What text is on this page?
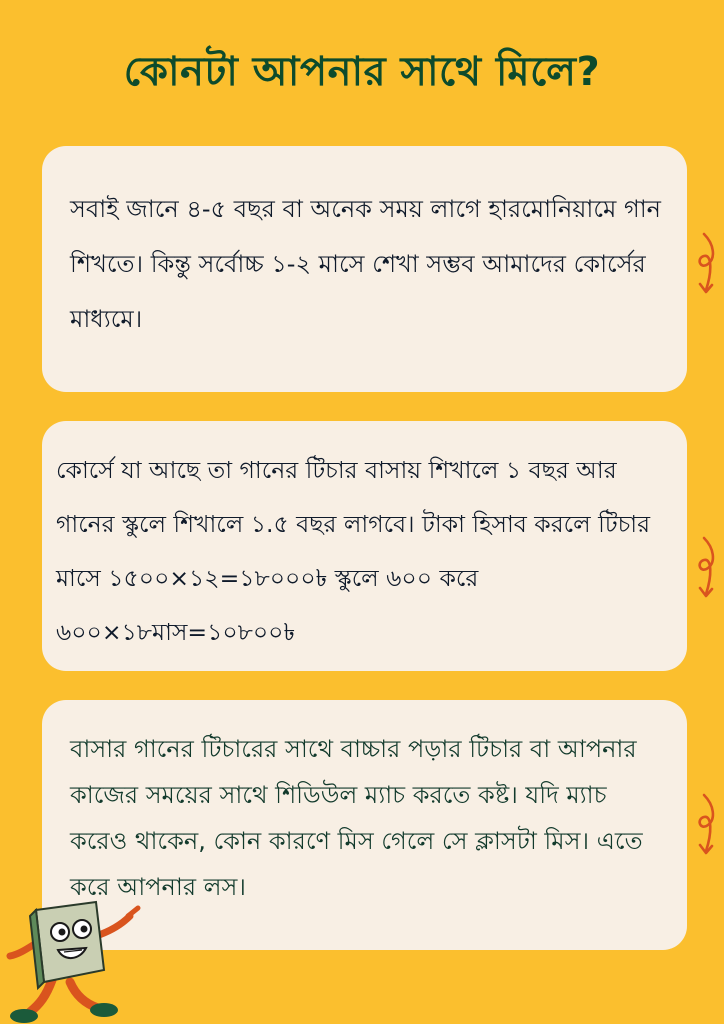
কোনটা আপনার সাথে মিলে?

সবাই জানে ৪-৫ বছর বা অনেক সময় লাগে হারমোনিয়ামে গান শিখতে। কিন্তু সর্বোচ্চ ১-২ মাসে শেখা সম্ভব আমাদের কোর্সের মাধ্যমে।

কোর্সে যা আছে তা গানের টিচার বাসায় শিখালে ১ বছর আর গানের স্কুলে শিখালে ১.৫ বছর লাগবে। টাকা হিসাব করলে টিচার মাসে ১৫০০×১২=১৮০০০৳ স্কুলে ৬০০ করে ৬০০×১৮মাস=১০৮০০৳

বাসার গানের টিচারের সাথে বাচ্চার পড়ার টিচার বা আপনার কাজের সময়ের সাথে শিডিউল ম্যাচ করতে কষ্ট। যদি ম্যাচ করেও থাকেন, কোন কারণে মিস গেলে সে ক্লাসটা মিস। এতে করে আপনার লস।
